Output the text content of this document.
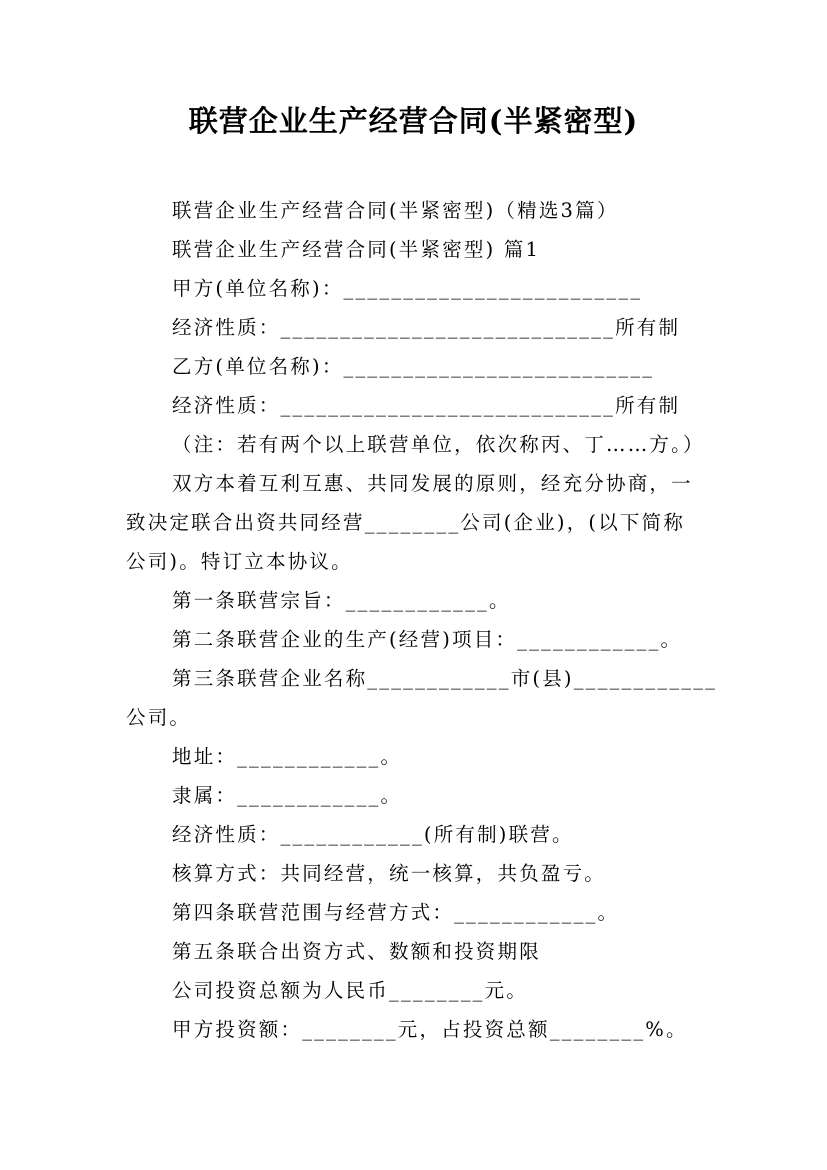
联营企业生产经营合同(半紧密型)
联营企业生产经营合同(半紧密型)（精选3篇）
联营企业生产经营合同(半紧密型) 篇1
甲方(单位名称)：_________________________
经济性质：____________________________所有制
乙方(单位名称)：__________________________
经济性质：____________________________所有制
（注：若有两个以上联营单位，依次称丙、丁……方。）
双方本着互利互惠、共同发展的原则，经充分协商，一
致决定联合出资共同经营________公司(企业)，(以下简称
公司)。特订立本协议。
第一条联营宗旨：____________。
第二条联营企业的生产(经营)项目：____________。
第三条联营企业名称____________市(县)____________
公司。
地址：____________。
隶属：____________。
经济性质：____________(所有制)联营。
核算方式：共同经营，统一核算，共负盈亏。
第四条联营范围与经营方式：____________。
第五条联合出资方式、数额和投资期限
公司投资总额为人民币________元。
甲方投资额：________元，占投资总额________%。
